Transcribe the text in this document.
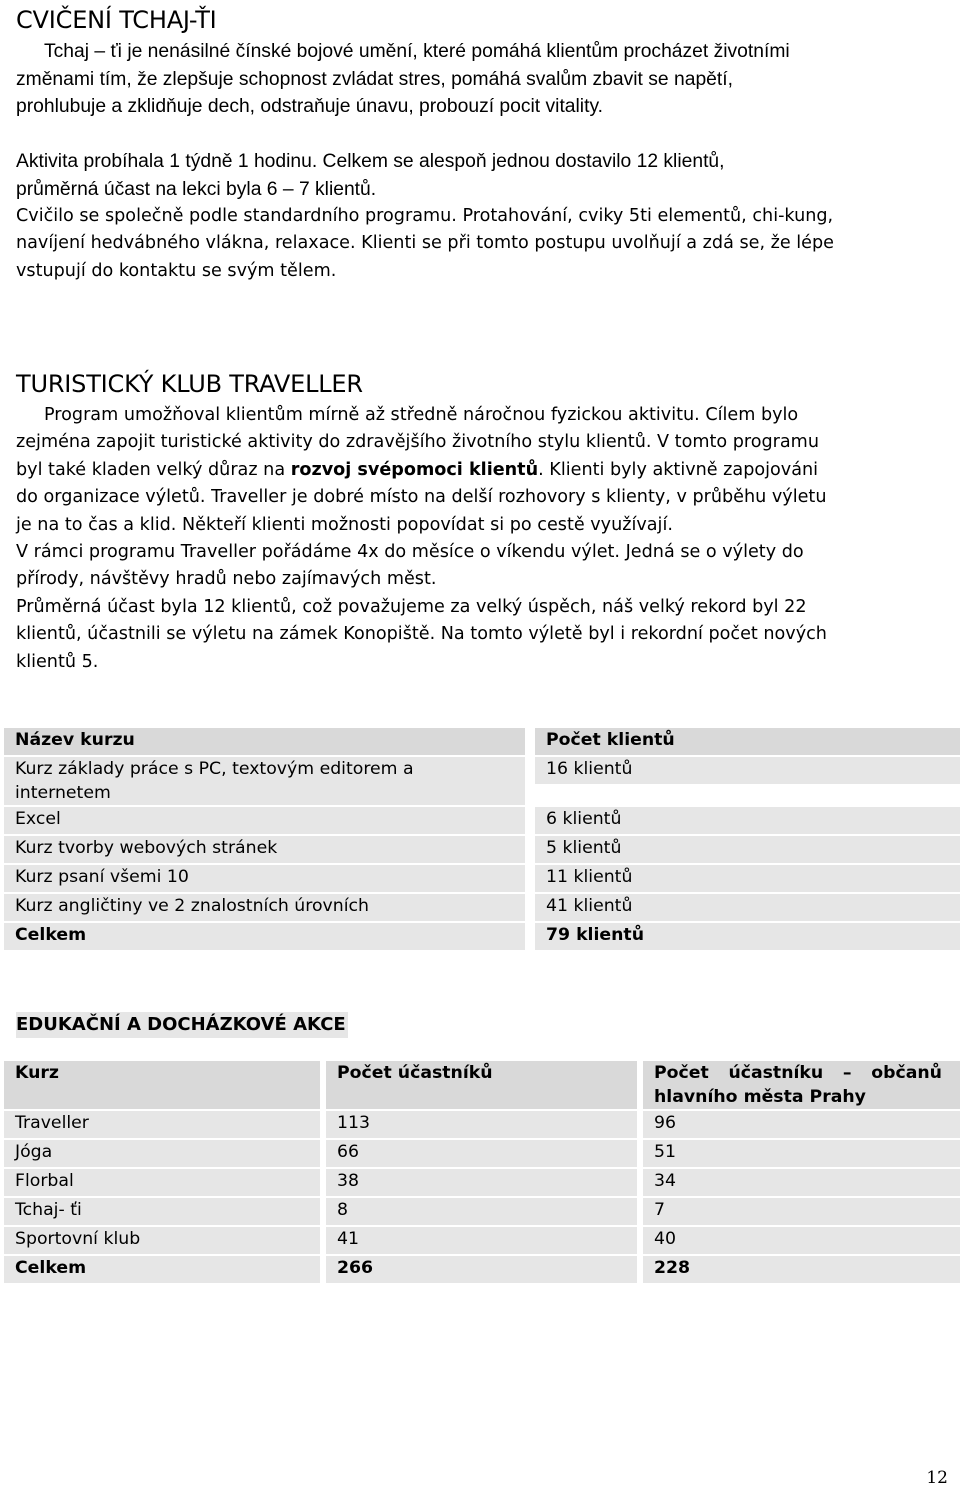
CVIČENÍ TCHAJ-ŤI
Tchaj – ťi je nenásilné čínské bojové umění, které pomáhá klientům procházet životními
změnami tím, že zlepšuje schopnost zvládat stres, pomáhá svalům zbavit se napětí,
prohlubuje a zklidňuje dech, odstraňuje únavu, probouzí pocit vitality.
Aktivita probíhala 1 týdně 1 hodinu. Celkem se alespoň jednou dostavilo 12 klientů,
průměrná účast na lekci byla 6 – 7 klientů.
Cvičilo se společně podle standardního programu. Protahování, cviky 5ti elementů, chi-kung,
navíjení hedvábného vlákna, relaxace. Klienti se při tomto postupu uvolňují a zdá se, že lépe
vstupují do kontaktu se svým tělem.
TURISTICKÝ KLUB TRAVELLER
Program umožňoval klientům mírně až středně náročnou fyzickou aktivitu. Cílem bylo
zejména zapojit turistické aktivity do zdravějšího životního stylu klientů. V tomto programu
byl také kladen velký důraz na rozvoj svépomoci klientů. Klienti byly aktivně zapojováni
do organizace výletů. Traveller je dobré místo na delší rozhovory s klienty, v průběhu výletu
je na to čas a klid. Někteří klienti možnosti popovídat si po cestě využívají.
V rámci programu Traveller pořádáme 4x do měsíce o víkendu výlet. Jedná se o výlety do
přírody, návštěvy hradů nebo zajímavých měst.
Průměrná účast byla 12 klientů, což považujeme za velký úspěch, náš velký rekord byl 22
klientů, účastnili se výletu na zámek Konopiště. Na tomto výletě byl i rekordní počet nových
klientů 5.
Název kurzu		Počet klientů
Kurz základy práce s PC, textovým editorem a internetem		16 klientů

Excel		6 klientů
Kurz tvorby webových stránek		5 klientů
Kurz psaní všemi 10		11 klientů
Kurz angličtiny ve 2 znalostních úrovních		41 klientů
Celkem		79 klientů
EDUKAČNÍ A DOCHÁZKOVÉ AKCE
Kurz		Počet účastníků		Počet účastníku – občanů
hlavního města Prahy

Traveller		113		96
Jóga		66		51
Florbal		38		34
Tchaj- ťi		8		7
Sportovní klub		41		40
Celkem		266		228
12
